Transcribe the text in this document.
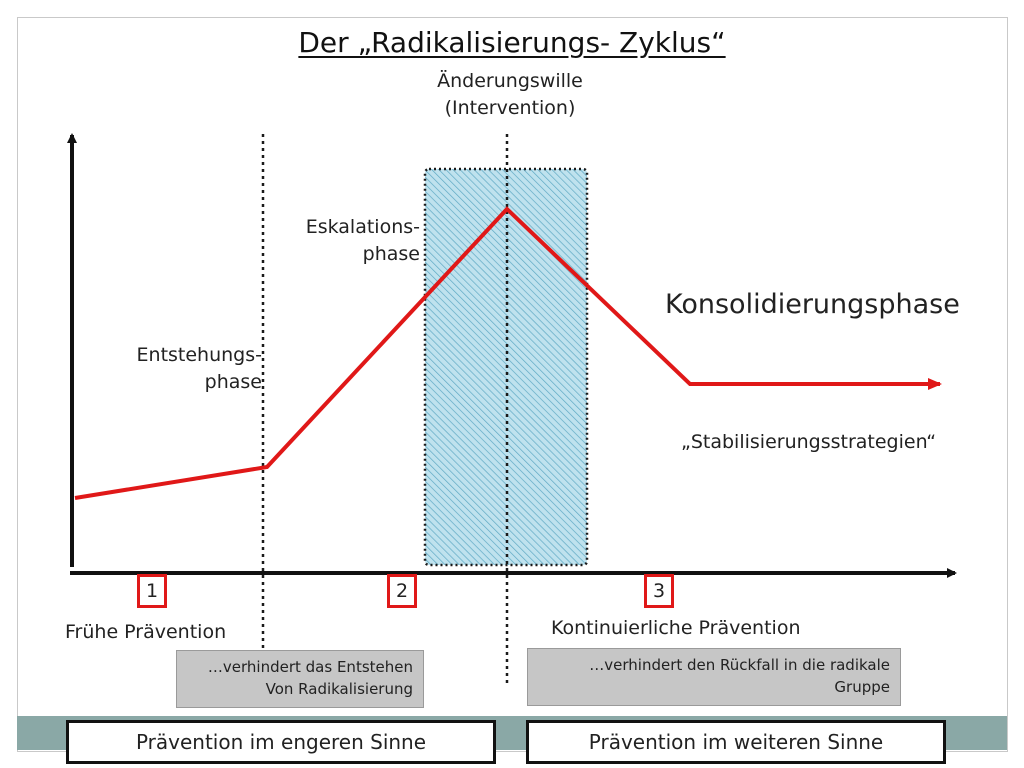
Der „Radikalisierungs- Zyklus“
Änderungswille
(Intervention)
Eskalations-
phase
Entstehungs-
phase
Konsolidierungsphase
„Stabilisierungsstrategien“
1	2	3
Frühe Prävention	Kontinuierliche Prävention
…verhindert das Entstehen
Von Radikalisierung
…verhindert den Rückfall in die radikale
Gruppe
Prävention im engeren Sinne	Prävention im weiteren Sinne
